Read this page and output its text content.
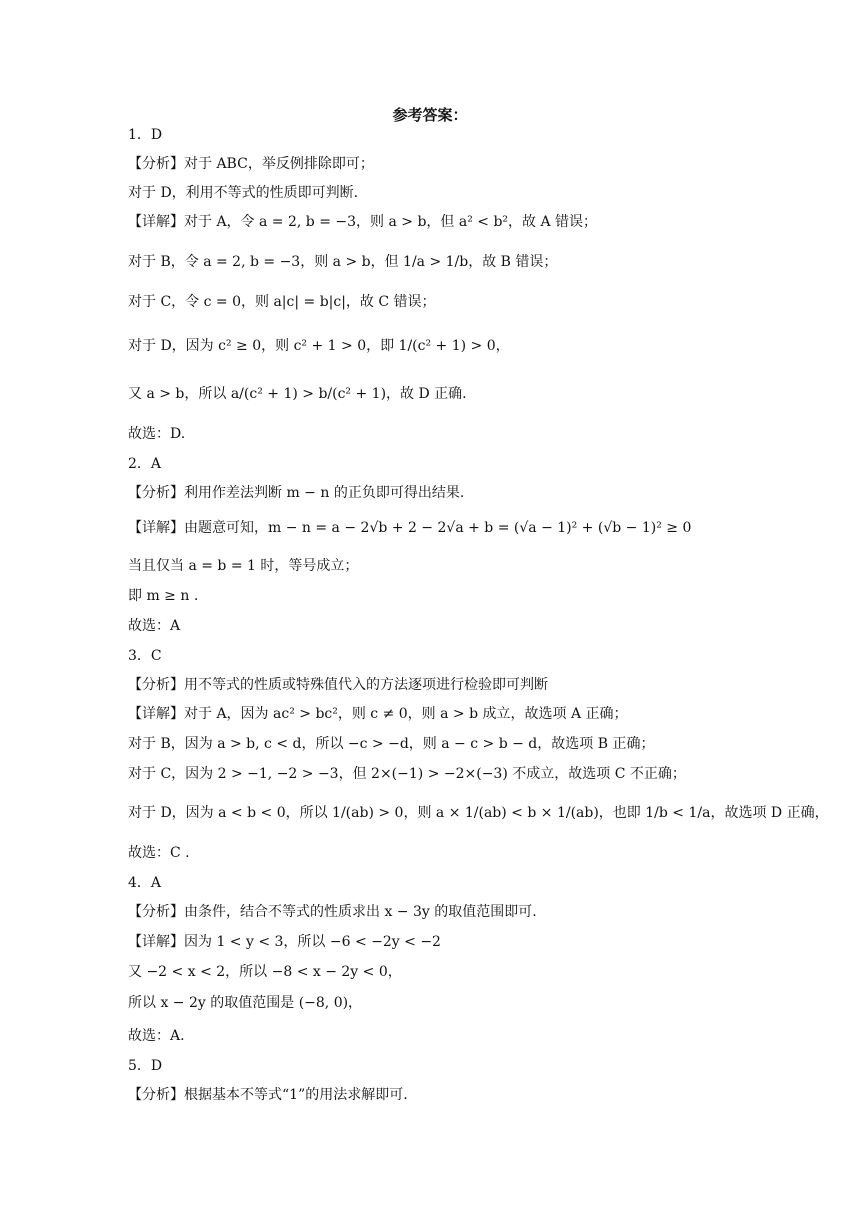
参考答案：
1．D
【分析】对于 ABC，举反例排除即可；
对于 D，利用不等式的性质即可判断.
【详解】对于 A，令 a = 2, b = −3，则 a > b，但 a² < b²，故 A 错误；
对于 B，令 a = 2, b = −3，则 a > b，但 1/a > 1/b，故 B 错误；
对于 C，令 c = 0，则 a|c| = b|c|，故 C 错误；
对于 D，因为 c² ≥ 0，则 c² + 1 > 0，即 1/(c² + 1) > 0，
又 a > b，所以 a/(c² + 1) > b/(c² + 1)，故 D 正确.
故选：D.
2．A
【分析】利用作差法判断 m − n 的正负即可得出结果.
【详解】由题意可知，m − n = a − 2√b + 2 − 2√a + b = (√a − 1)² + (√b − 1)² ≥ 0
当且仅当 a = b = 1 时，等号成立；
即 m ≥ n .
故选：A
3．C
【分析】用不等式的性质或特殊值代入的方法逐项进行检验即可判断
【详解】对于 A，因为 ac² > bc²，则 c ≠ 0，则 a > b 成立，故选项 A 正确；
对于 B，因为 a > b, c < d，所以 −c > −d，则 a − c > b − d，故选项 B 正确；
对于 C，因为 2 > −1, −2 > −3，但 2×(−1) > −2×(−3) 不成立，故选项 C 不正确；
对于 D，因为 a < b < 0，所以 1/(ab) > 0，则 a × 1/(ab) < b × 1/(ab)，也即 1/b < 1/a，故选项 D 正确，
故选：C .
4．A
【分析】由条件，结合不等式的性质求出 x − 3y 的取值范围即可.
【详解】因为 1 < y < 3，所以 −6 < −2y < −2
又 −2 < x < 2，所以 −8 < x − 2y < 0，
所以 x − 2y 的取值范围是 (−8, 0)，
故选：A.
5．D
【分析】根据基本不等式“1”的用法求解即可.
